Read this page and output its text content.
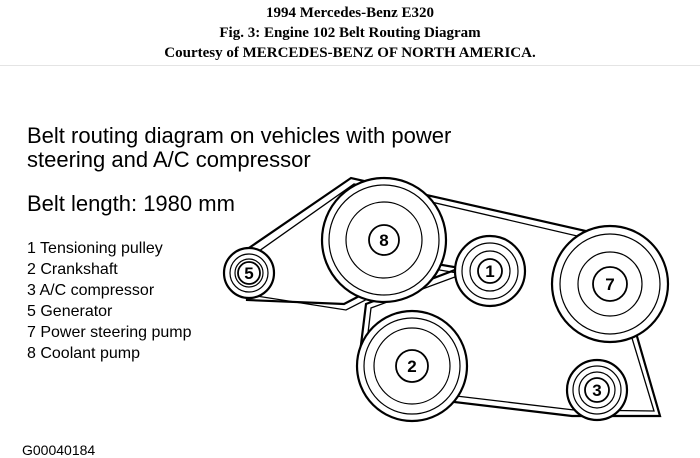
1994 Mercedes-Benz E320
Fig. 3: Engine 102 Belt Routing Diagram
Courtesy of MERCEDES-BENZ OF NORTH AMERICA.
Belt routing diagram on vehicles with power
steering and A/C compressor
Belt length: 1980 mm
1 Tensioning pulley
2 Crankshaft
3 A/C compressor
5 Generator
7 Power steering pump
8 Coolant pump
G00040184
5
8
1
7
2
3
